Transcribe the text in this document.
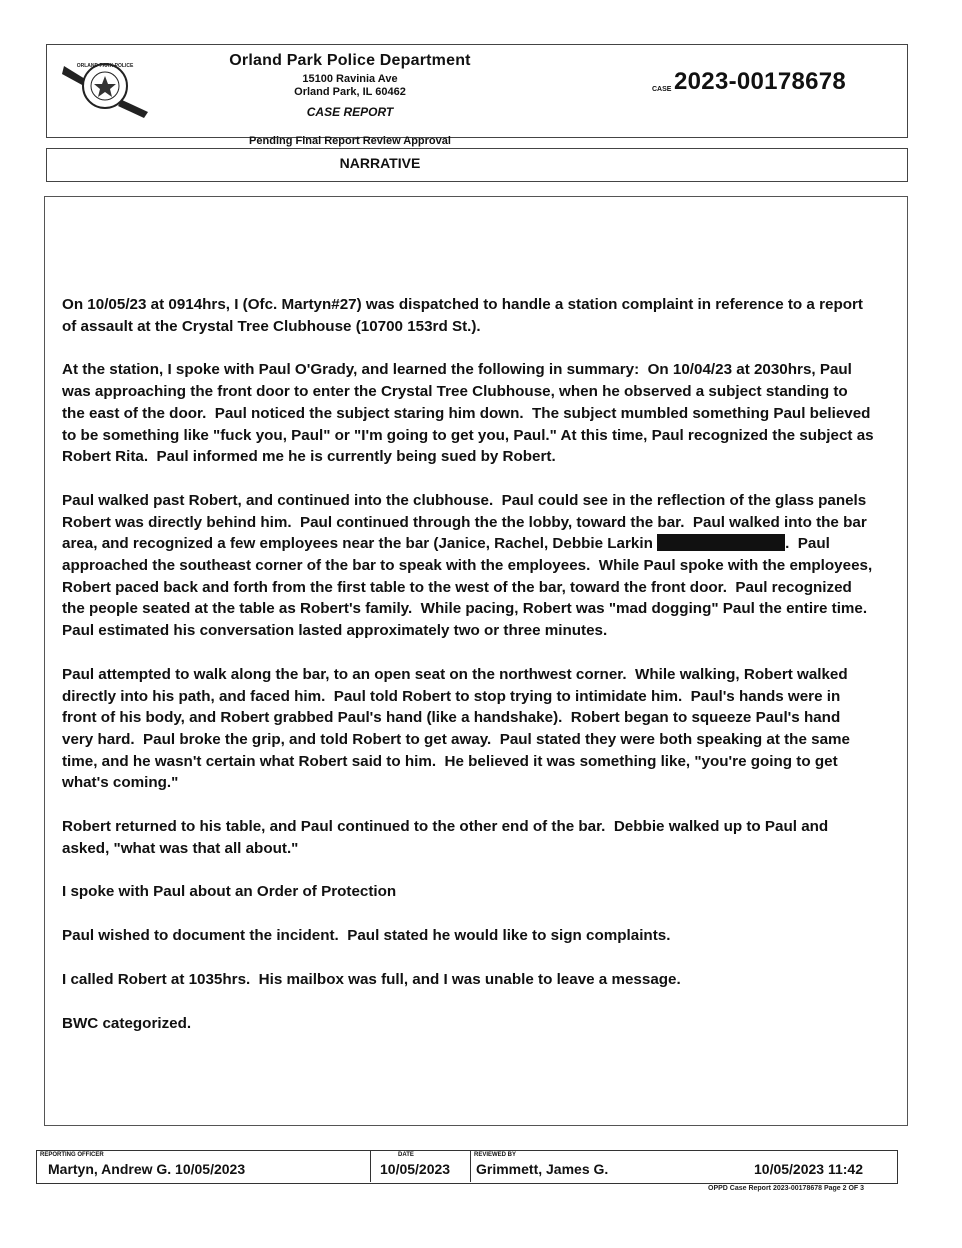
ORLAND PARK POLICE	Orland Park Police Department
15100 Ravinia Ave
Orland Park, IL 60462
CASE REPORT
CASE 2023-00178678
Pending Final Report Review Approval
NARRATIVE

On 10/05/23 at 0914hrs, I (Ofc. Martyn#27) was dispatched to handle a station complaint in reference to a report of assault at the Crystal Tree Clubhouse (10700 153rd St.).

At the station, I spoke with Paul O'Grady, and learned the following in summary:  On 10/04/23 at 2030hrs, Paul was approaching the front door to enter the Crystal Tree Clubhouse, when he observed a subject standing to the east of the door.  Paul noticed the subject staring him down.  The subject mumbled something Paul believed to be something like "fuck you, Paul" or "I'm going to get you, Paul." At this time, Paul recognized the subject as Robert Rita.  Paul informed me he is currently being sued by Robert.

Paul walked past Robert, and continued into the clubhouse.  Paul could see in the reflection of the glass panels Robert was directly behind him.  Paul continued through the the lobby, toward the bar.  Paul walked into the bar area, and recognized a few employees near the bar (Janice, Rachel, Debbie Larkin	.  Paul approached the southeast corner of the bar to speak with the employees.  While Paul spoke with the employees, Robert paced back and forth from the first table to the west of the bar, toward the front door.  Paul recognized the people seated at the table as Robert's family.  While pacing, Robert was "mad dogging" Paul the entire time.  Paul estimated his conversation lasted approximately two or three minutes.

Paul attempted to walk along the bar, to an open seat on the northwest corner.  While walking, Robert walked directly into his path, and faced him.  Paul told Robert to stop trying to intimidate him.  Paul's hands were in front of his body, and Robert grabbed Paul's hand (like a handshake).  Robert began to squeeze Paul's hand very hard.  Paul broke the grip, and told Robert to get away.  Paul stated they were both speaking at the same time, and he wasn't certain what Robert said to him.  He believed it was something like, "you're going to get what's coming."

Robert returned to his table, and Paul continued to the other end of the bar.  Debbie walked up to Paul and asked, "what was that all about."

I spoke with Paul about an Order of Protection

Paul wished to document the incident.  Paul stated he would like to sign complaints.

I called Robert at 1035hrs.  His mailbox was full, and I was unable to leave a message.

BWC categorized.

REPORTING OFFICER
Martyn, Andrew G. 10/05/2023
DATE
10/05/2023
REVIEWED BY
Grimmett, James G.	10/05/2023 11:42
OPPD Case Report 2023-00178678 Page 2 OF 3
